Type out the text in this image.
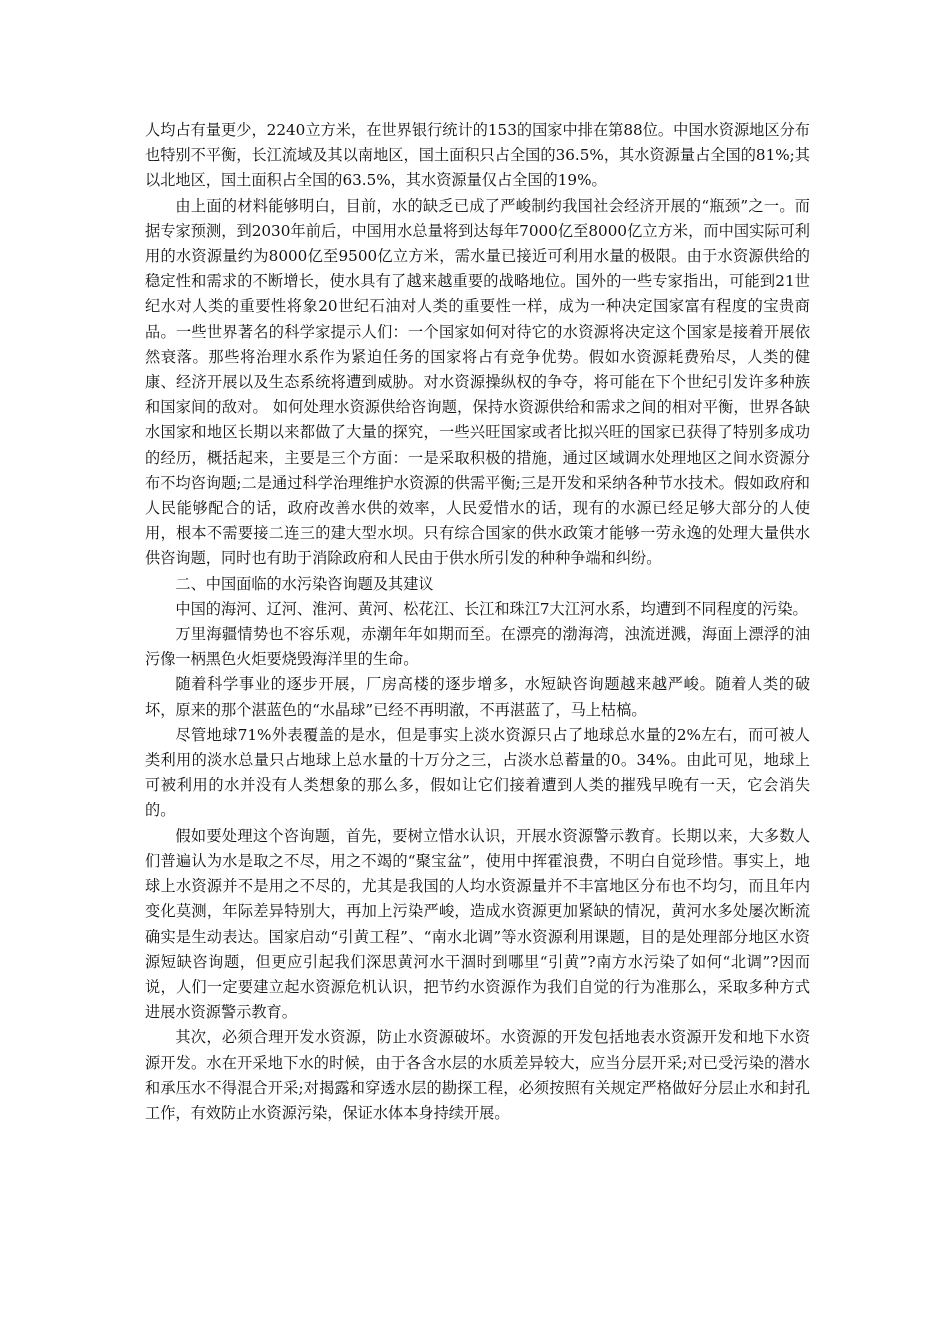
人均占有量更少，2240立方米，在世界银行统计的153的国家中排在第88位。中国水资源地区分布也特别不平衡，长江流域及其以南地区，国土面积只占全国的36.5%，其水资源量占全国的81%;其以北地区，国土面积占全国的63.5%，其水资源量仅占全国的19%。

由上面的材料能够明白，目前，水的缺乏已成了严峻制约我国社会经济开展的“瓶颈”之一。而据专家预测，到2030年前后，中国用水总量将到达每年7000亿至8000亿立方米，而中国实际可利用的水资源量约为8000亿至9500亿立方米，需水量已接近可利用水量的极限。由于水资源供给的稳定性和需求的不断增长，使水具有了越来越重要的战略地位。国外的一些专家指出，可能到21世纪水对人类的重要性将象20世纪石油对人类的重要性一样，成为一种决定国家富有程度的宝贵商品。一些世界著名的科学家提示人们：一个国家如何对待它的水资源将决定这个国家是接着开展依然衰落。那些将治理水系作为紧迫任务的国家将占有竞争优势。假如水资源耗费殆尽，人类的健康、经济开展以及生态系统将遭到威胁。对水资源操纵权的争夺，将可能在下个世纪引发许多种族和国家间的敌对。 如何处理水资源供给咨询题，保持水资源供给和需求之间的相对平衡，世界各缺水国家和地区长期以来都做了大量的探究，一些兴旺国家或者比拟兴旺的国家已获得了特别多成功的经历，概括起来，主要是三个方面：一是采取积极的措施，通过区域调水处理地区之间水资源分布不均咨询题;二是通过科学治理维护水资源的供需平衡;三是开发和采纳各种节水技术。假如政府和人民能够配合的话，政府改善水供的效率，人民爱惜水的话，现有的水源已经足够大部分的人使用，根本不需要接二连三的建大型水坝。只有综合国家的供水政策才能够一劳永逸的处理大量供水供咨询题，同时也有助于消除政府和人民由于供水所引发的种种争端和纠纷。

二、中国面临的水污染咨询题及其建议

中国的海河、辽河、淮河、黄河、松花江、长江和珠江7大江河水系，均遭到不同程度的污染。

万里海疆情势也不容乐观，赤潮年年如期而至。在漂亮的渤海湾，浊流迸溅，海面上漂浮的油污像一柄黑色火炬要烧毁海洋里的生命。

随着科学事业的逐步开展，厂房高楼的逐步增多，水短缺咨询题越来越严峻。随着人类的破坏，原来的那个湛蓝色的“水晶球”已经不再明澈，不再湛蓝了，马上枯槁。

尽管地球71%外表覆盖的是水，但是事实上淡水资源只占了地球总水量的2%左右，而可被人类利用的淡水总量只占地球上总水量的十万分之三，占淡水总蓄量的0。34%。由此可见，地球上可被利用的水并没有人类想象的那么多，假如让它们接着遭到人类的摧残早晚有一天，它会消失的。

假如要处理这个咨询题，首先，要树立惜水认识，开展水资源警示教育。长期以来，大多数人们普遍认为水是取之不尽，用之不竭的“聚宝盆”，使用中挥霍浪费，不明白自觉珍惜。事实上，地球上水资源并不是用之不尽的，尤其是我国的人均水资源量并不丰富地区分布也不均匀，而且年内变化莫测，年际差异特别大，再加上污染严峻，造成水资源更加紧缺的情况，黄河水多处屡次断流确实是生动表达。国家启动“引黄工程”、“南水北调”等水资源利用课题，目的是处理部分地区水资源短缺咨询题，但更应引起我们深思黄河水干涸时到哪里“引黄”?南方水污染了如何“北调”?因而说，人们一定要建立起水资源危机认识，把节约水资源作为我们自觉的行为准那么，采取多种方式进展水资源警示教育。

其次，必须合理开发水资源，防止水资源破坏。水资源的开发包括地表水资源开发和地下水资源开发。水在开采地下水的时候，由于各含水层的水质差异较大，应当分层开采;对已受污染的潜水和承压水不得混合开采;对揭露和穿透水层的勘探工程，必须按照有关规定严格做好分层止水和封孔工作，有效防止水资源污染，保证水体本身持续开展。
